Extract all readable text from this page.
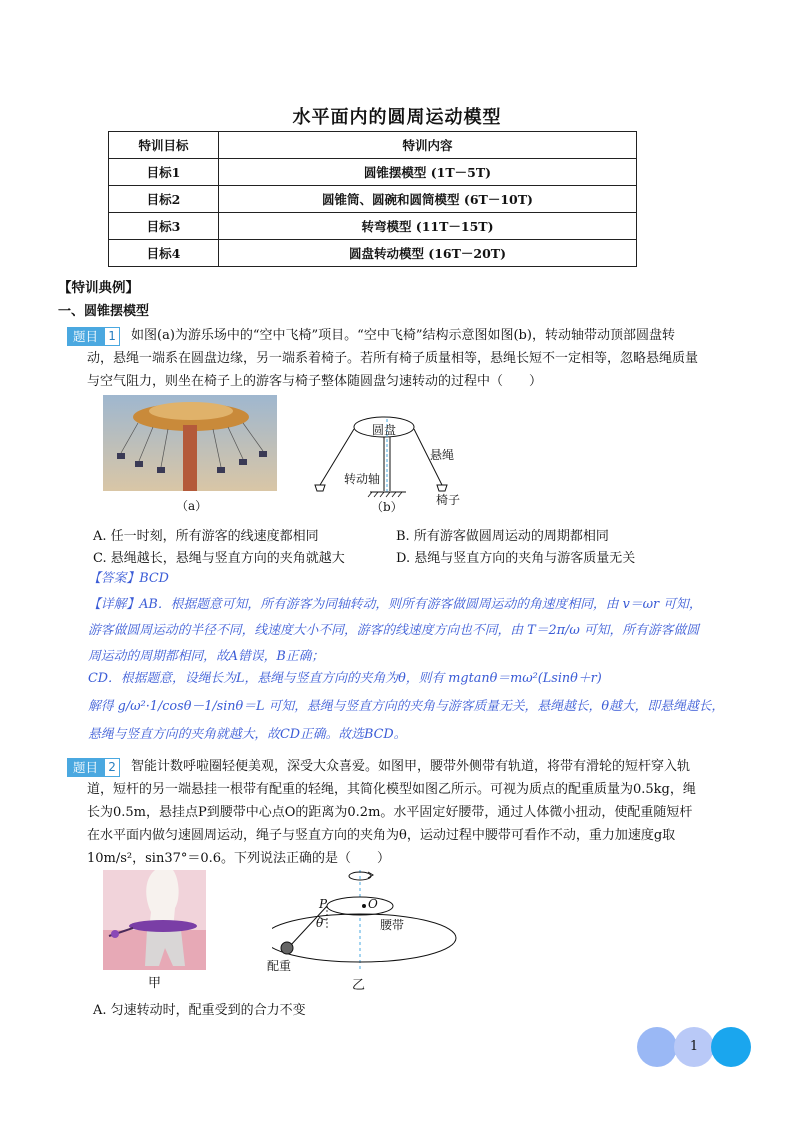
水平面内的圆周运动模型
特训目标	特训内容
目标1	圆锥摆模型 (1T－5T)
目标2	圆锥筒、圆碗和圆筒模型 (6T－10T)
目标3	转弯模型 (11T－15T)
目标4	圆盘转动模型 (16T－20T)
【特训典例】
一、圆锥摆模型
题目 1	如图(a)为游乐场中的“空中飞椅”项目。“空中飞椅”结构示意图如图(b)，转动轴带动顶部圆盘转
动，悬绳一端系在圆盘边缘，另一端系着椅子。若所有椅子质量相等，悬绳长短不一定相等，忽略悬绳质量
与空气阻力，则坐在椅子上的游客与椅子整体随圆盘匀速转动的过程中（　　）
（a）
圆盘
悬绳
转动轴
椅子
（b）
A. 任一时刻，所有游客的线速度都相同	B. 所有游客做圆周运动的周期都相同
C. 悬绳越长，悬绳与竖直方向的夹角就越大	D. 悬绳与竖直方向的夹角与游客质量无关
【答案】BCD
【详解】AB．根据题意可知，所有游客为同轴转动，则所有游客做圆周运动的角速度相同，由 v＝ωr 可知，
游客做圆周运动的半径不同，线速度大小不同，游客的线速度方向也不同，由 T＝2π/ω 可知，所有游客做圆
周运动的周期都相同，故A错误，B正确；
CD．根据题意，设绳长为L，悬绳与竖直方向的夹角为θ，则有 mgtanθ＝mω²(Lsinθ＋r)
解得 g/ω²·1/cosθ－1/sinθ＝L 可知，悬绳与竖直方向的夹角与游客质量无关，悬绳越长，θ越大，即悬绳越长，
悬绳与竖直方向的夹角就越大，故CD正确。故选BCD。
题目 2	智能计数呼啦圈轻便美观，深受大众喜爱。如图甲，腰带外侧带有轨道，将带有滑轮的短杆穿入轨
道，短杆的另一端悬挂一根带有配重的轻绳，其简化模型如图乙所示。可视为质点的配重质量为0.5kg，绳
长为0.5m，悬挂点P到腰带中心点O的距离为0.2m。水平固定好腰带，通过人体微小扭动，使配重随短杆
在水平面内做匀速圆周运动，绳子与竖直方向的夹角为θ，运动过程中腰带可看作不动，重力加速度g取
10m/s²，sin37°＝0.6。下列说法正确的是（　　）
甲
P	O
θ	腰带
配重
乙
A. 匀速转动时，配重受到的合力不变
1
